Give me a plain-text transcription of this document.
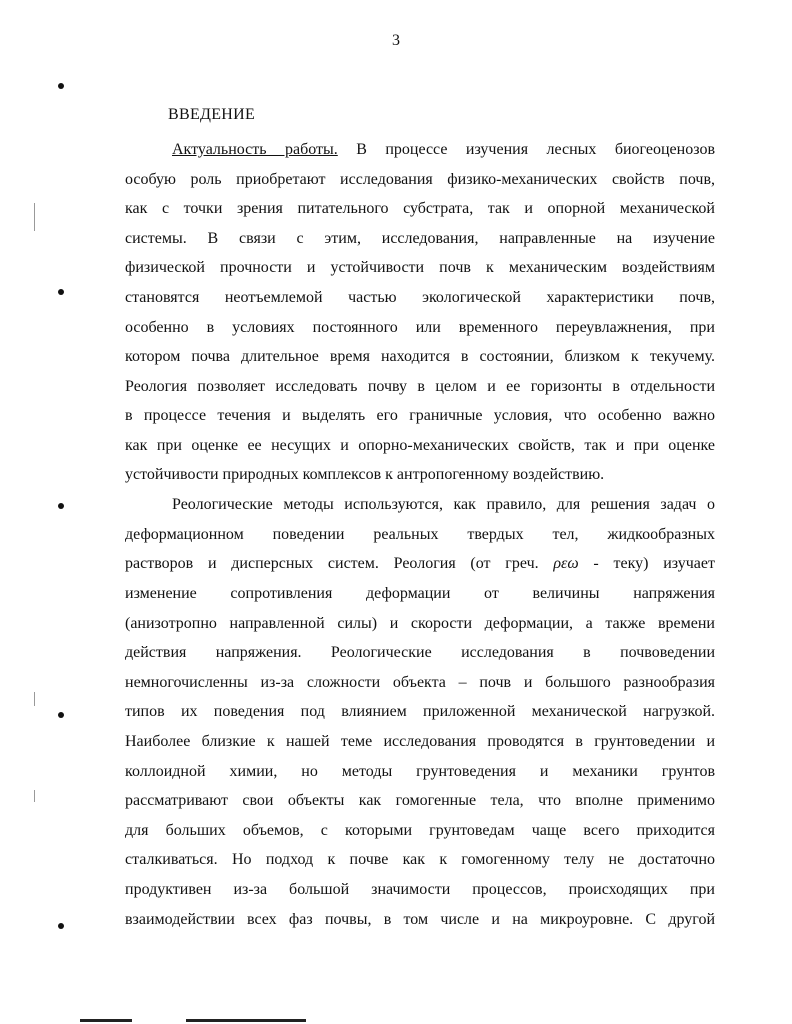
3
ВВЕДЕНИЕ
Актуальность работы. В процессе изучения лесных биогеоценозов
особую роль приобретают исследования физико-механических свойств почв,
как с точки зрения питательного субстрата, так и опорной механической
системы. В связи с этим, исследования, направленные на изучение
физической прочности и устойчивости почв к механическим воздействиям
становятся неотъемлемой частью экологической характеристики почв,
особенно в условиях постоянного или временного переувлажнения, при
котором почва длительное время находится в состоянии, близком к текучему.
Реология позволяет исследовать почву в целом и ее горизонты в отдельности
в процессе течения и выделять его граничные условия, что особенно важно
как при оценке ее несущих и опорно-механических свойств, так и при оценке
устойчивости природных комплексов к антропогенному воздействию.
Реологические методы используются, как правило, для решения задач о
деформационном поведении реальных твердых тел, жидкообразных
растворов и дисперсных систем. Реология (от греч. ρεω - теку) изучает
изменение сопротивления деформации от величины напряжения
(анизотропно направленной силы) и скорости деформации, а также времени
действия напряжения. Реологические исследования в почвоведении
немногочисленны из-за сложности объекта – почв и большого разнообразия
типов их поведения под влиянием приложенной механической нагрузкой.
Наиболее близкие к нашей теме исследования проводятся в грунтоведении и
коллоидной химии, но методы грунтоведения и механики грунтов
рассматривают свои объекты как гомогенные тела, что вполне применимо
для больших объемов, с которыми грунтоведам чаще всего приходится
сталкиваться. Но подход к почве как к гомогенному телу не достаточно
продуктивен из-за большой значимости процессов, происходящих при
взаимодействии всех фаз почвы, в том числе и на микроуровне. С другой
